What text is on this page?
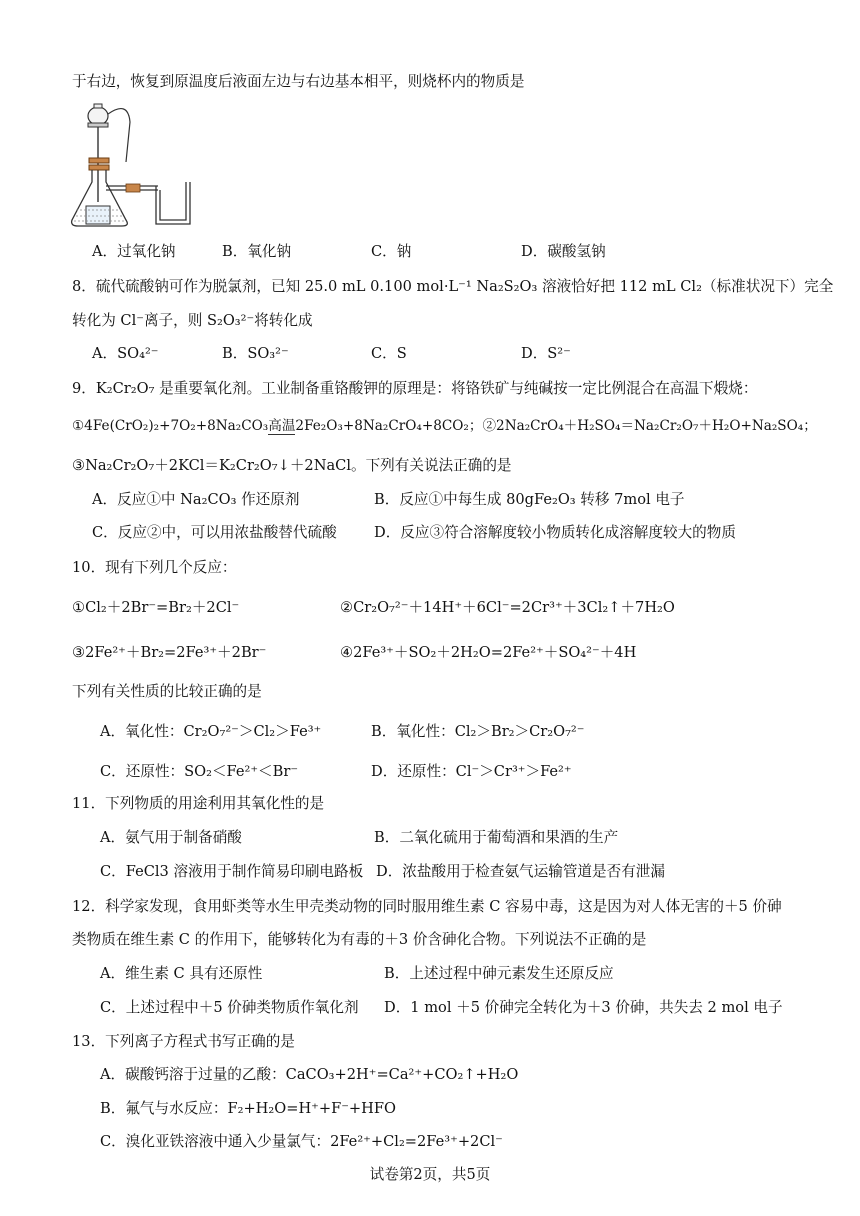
于右边，恢复到原温度后液面左边与右边基本相平，则烧杯内的物质是
A．过氧化钠	B．氧化钠	C．钠	D．碳酸氢钠
8．硫代硫酸钠可作为脱氯剂，已知 25.0 mL 0.100 mol·L⁻¹ Na₂S₂O₃ 溶液恰好把 112 mL Cl₂（标准状况下）完全
转化为 Cl⁻离子，则 S₂O₃²⁻将转化成
A．SO₄²⁻	B．SO₃²⁻	C．S	D．S²⁻
9．K₂Cr₂O₇ 是重要氧化剂。工业制备重铬酸钾的原理是：将铬铁矿与纯碱按一定比例混合在高温下煅烧：
①4Fe(CrO₂)₂+7O₂+8Na₂CO₃高温2Fe₂O₃+8Na₂CrO₄+8CO₂；②2Na₂CrO₄＋H₂SO₄＝Na₂Cr₂O₇＋H₂O+Na₂SO₄；
③Na₂Cr₂O₇＋2KCl＝K₂Cr₂O₇↓＋2NaCl。下列有关说法正确的是
A．反应①中 Na₂CO₃ 作还原剂	B．反应①中每生成 80gFe₂O₃ 转移 7mol 电子
C．反应②中，可以用浓盐酸替代硫酸	D．反应③符合溶解度较小物质转化成溶解度较大的物质
10．现有下列几个反应：
①Cl₂＋2Br⁻=Br₂＋2Cl⁻	②Cr₂O₇²⁻＋14H⁺＋6Cl⁻=2Cr³⁺＋3Cl₂↑＋7H₂O
③2Fe²⁺＋Br₂=2Fe³⁺＋2Br⁻	④2Fe³⁺＋SO₂＋2H₂O=2Fe²⁺＋SO₄²⁻＋4H
下列有关性质的比较正确的是
A．氧化性：Cr₂O₇²⁻＞Cl₂＞Fe³⁺	B．氧化性：Cl₂＞Br₂＞Cr₂O₇²⁻
C．还原性：SO₂＜Fe²⁺＜Br⁻	D．还原性：Cl⁻＞Cr³⁺＞Fe²⁺
11．下列物质的用途利用其氧化性的是
A．氨气用于制备硝酸	B．二氧化硫用于葡萄酒和果酒的生产
C．FeCl3 溶液用于制作简易印刷电路板 D．浓盐酸用于检查氨气运输管道是否有泄漏
12．科学家发现，食用虾类等水生甲壳类动物的同时服用维生素 C 容易中毒，这是因为对人体无害的＋5 价砷
类物质在维生素 C 的作用下，能够转化为有毒的＋3 价含砷化合物。下列说法不正确的是
A．维生素 C 具有还原性	B．上述过程中砷元素发生还原反应
C．上述过程中＋5 价砷类物质作氧化剂 D．1 mol ＋5 价砷完全转化为＋3 价砷，共失去 2 mol 电子
13．下列离子方程式书写正确的是
A．碳酸钙溶于过量的乙酸：CaCO₃+2H⁺=Ca²⁺+CO₂↑+H₂O
B．氟气与水反应：F₂+H₂O=H⁺+F⁻+HFO
C．溴化亚铁溶液中通入少量氯气：2Fe²⁺+Cl₂=2Fe³⁺+2Cl⁻
试卷第2页，共5页
